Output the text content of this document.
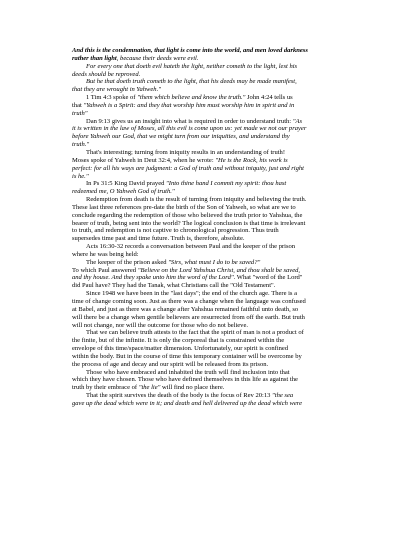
And this is the condemnation, that light is come into the world, and men loved darkness

rather than light, because their deeds were evil.

For every one that doeth evil hateth the light, neither cometh to the light, lest his

deeds should be reproved.

But he that doeth truth cometh to the light, that his deeds may be made manifest,

that they are wrought in Yahweh."

1 Tim 4:3 spoke of "them which believe and know the truth." John 4:24 tells us

that "Yahweh is a Spirit: and they that worship him must worship him in spirit and in

truth"

Dan 9:13 gives us an insight into what is required in order to understand truth: "As

it is written in the law of Moses, all this evil is come upon us: yet made we not our prayer

before Yahweh our God, that we might turn from our iniquities, and understand thy

truth."

That's interesting; turning from iniquity results in an understanding of truth!

Moses spoke of Yahweh in Deut 32:4, when he wrote: "He is the Rock, his work is

perfect: for all his ways are judgment: a God of truth and without iniquity, just and right

is he."

In Ps 31:5 King David prayed "Into thine hand I commit my spirit: thou hast

redeemed me, O Yahweh God of truth."

Redemption from death is the result of turning from iniquity and believing the truth.

These last three references pre-date the birth of the Son of Yahweh, so what are we to

conclude regarding the redemption of those who believed the truth prior to Yahshua, the

bearer of truth, being sent into the world? The logical conclusion is that time is irrelevant

to truth, and redemption is not captive to chronological progression. Thus truth

supersedes time past and time future. Truth is, therefore, absolute.

Acts 16:30-32 records a conversation between Paul and the keeper of the prison

where he was being held:

The keeper of the prison asked "Sirs, what must I do to be saved?"

To which Paul answered "Believe on the Lord Yahshua Christ, and thou shalt be saved,

and thy house. And they spake unto him the word of the Lord". What "word of the Lord"

did Paul have? They had the Tanak, what Christians call the "Old Testament".

Since 1948 we have been in the "last days"; the end of the church age. There is a

time of change coming soon. Just as there was a change when the language was confused

at Babel, and just as there was a change after Yahshua remained faithful unto death, so

will there be a change when gentile believers are resurrected from off the earth. But truth

will not change, nor will the outcome for those who do not believe.

That we can believe truth attests to the fact that the spirit of man is not a product of

the finite, but of the infinite. It is only the corporeal that is constrained within the

envelope of this time/space/matter dimension. Unfortunately, our spirit is confined

within the body. But in the course of time this temporary container will be overcome by

the process of age and decay and our spirit will be released from its prison.

Those who have embraced and inhabited the truth will find inclusion into that

which they have chosen. Those who have defined themselves in this life as against the

truth by their embrace of "the lie" will find no place there.

That the spirit survives the death of the body is the focus of Rev 20:13 "the sea

gave up the dead which were in it; and death and hell delivered up the dead which were
